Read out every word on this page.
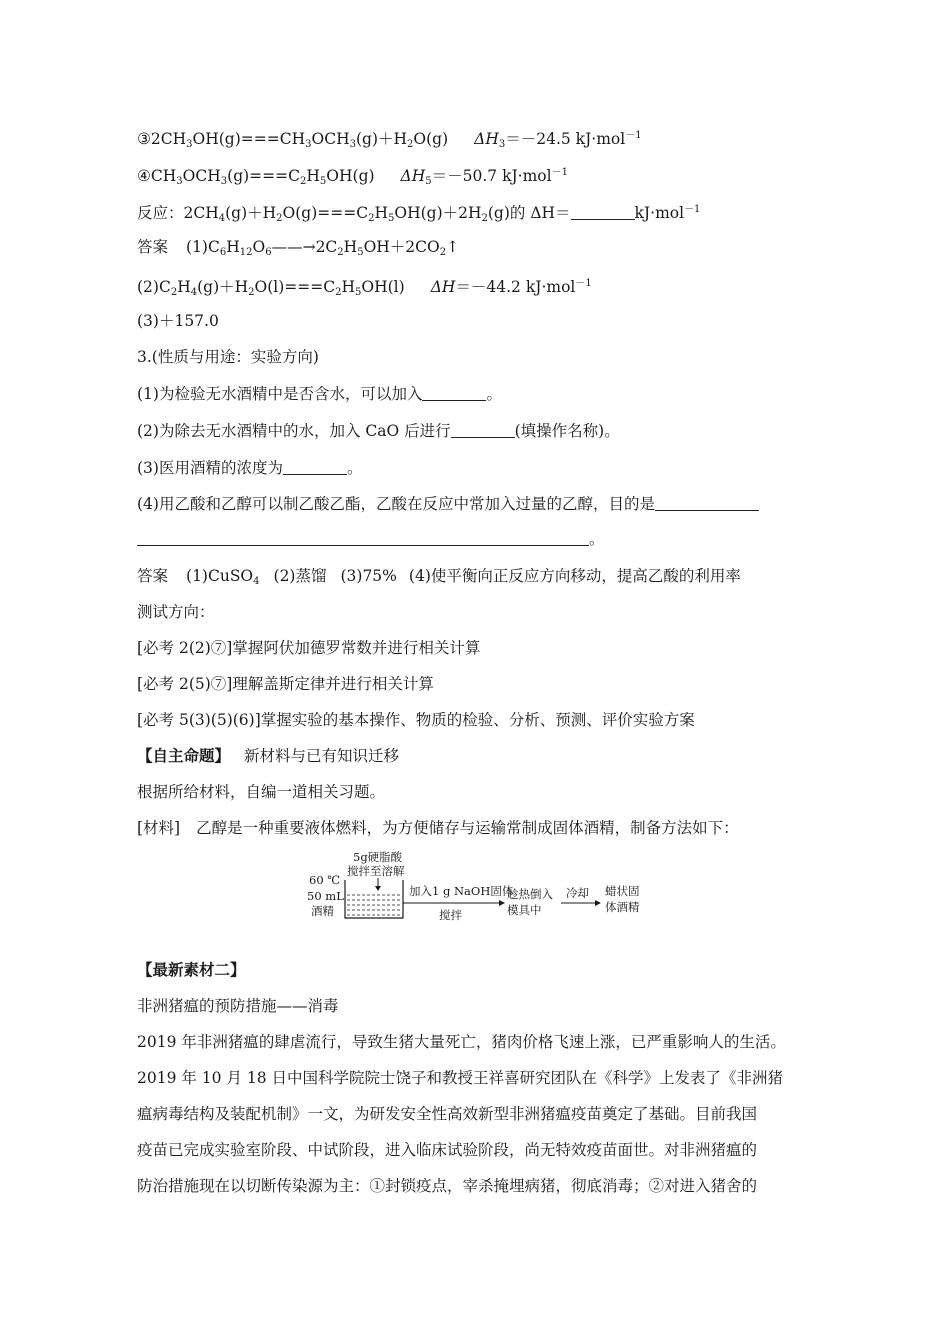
$③2CH_3OH(g)===CH_3OCH_3(g)+H_2O(g)$ $\Delta H_3=-24.5$ kJ·mol$^{-1}$
$④CH_3OCH_3(g)===C_2H_5OH(g)$ $\Delta H_5=-50.7$ kJ·mol$^{-1}$
反应：$2CH_4(g)+H_2O(g)===C_2H_5OH(g)+2H_2(g)$的 ΔH＝	kJ·mol$^{-1}$
答案 $(1)C_6H_{12}O_6——\to 2C_2H_5OH+2CO_2↑$
$(2)C_2H_4(g)+H_2O(l)===C_2H_5OH(l)$ ΔH＝－44.2 kJ·mol$^{-1}$
(3)＋157.0
3.(性质与用途：实验方向)
(1)为检验无水酒精中是否含水，可以加入	。
(2)为除去无水酒精中的水，加入 CaO 后进行	(填操作名称)。
(3)医用酒精的浓度为	。
(4)用乙酸和乙醇可以制乙酸乙酯，乙酸在反应中常加入过量的乙醇，目的是
。
答案 (1)CuSO$_4$ (2)蒸馏 (3)75% (4)使平衡向正反应方向移动，提高乙酸的利用率
测试方向：
[必考 2(2)⑦]掌握阿伏加德罗常数并进行相关计算
[必考 2(5)⑦]理解盖斯定律并进行相关计算
[必考 5(3)(5)(6)]掌握实验的基本操作、物质的检验、分析、预测、评价实验方案
【自主命题】 新材料与已有知识迁移
根据所给材料，自编一道相关习题。
[材料] 乙醇是一种重要液体燃料，为方便储存与运输常制成固体酒精，制备方法如下：
5g硬脂酸
搅拌至溶解
60 ℃
50 mL
酒精
加入1 g NaOH固体
搅拌
趁热倒入
模具中
冷却 蜡状固
体酒精
【最新素材二】
非洲猪瘟的预防措施——消毒
2019 年非洲猪瘟的肆虐流行，导致生猪大量死亡，猪肉价格飞速上涨，已严重影响人的生活。
2019 年 10 月 18 日中国科学院院士饶子和教授王祥喜研究团队在《科学》上发表了《非洲猪
瘟病毒结构及装配机制》一文，为研发安全性高效新型非洲猪瘟疫苗奠定了基础。目前我国
疫苗已完成实验室阶段、中试阶段，进入临床试验阶段，尚无特效疫苗面世。对非洲猪瘟的
防治措施现在以切断传染源为主：①封锁疫点，宰杀掩埋病猪，彻底消毒；②对进入猪舍的
